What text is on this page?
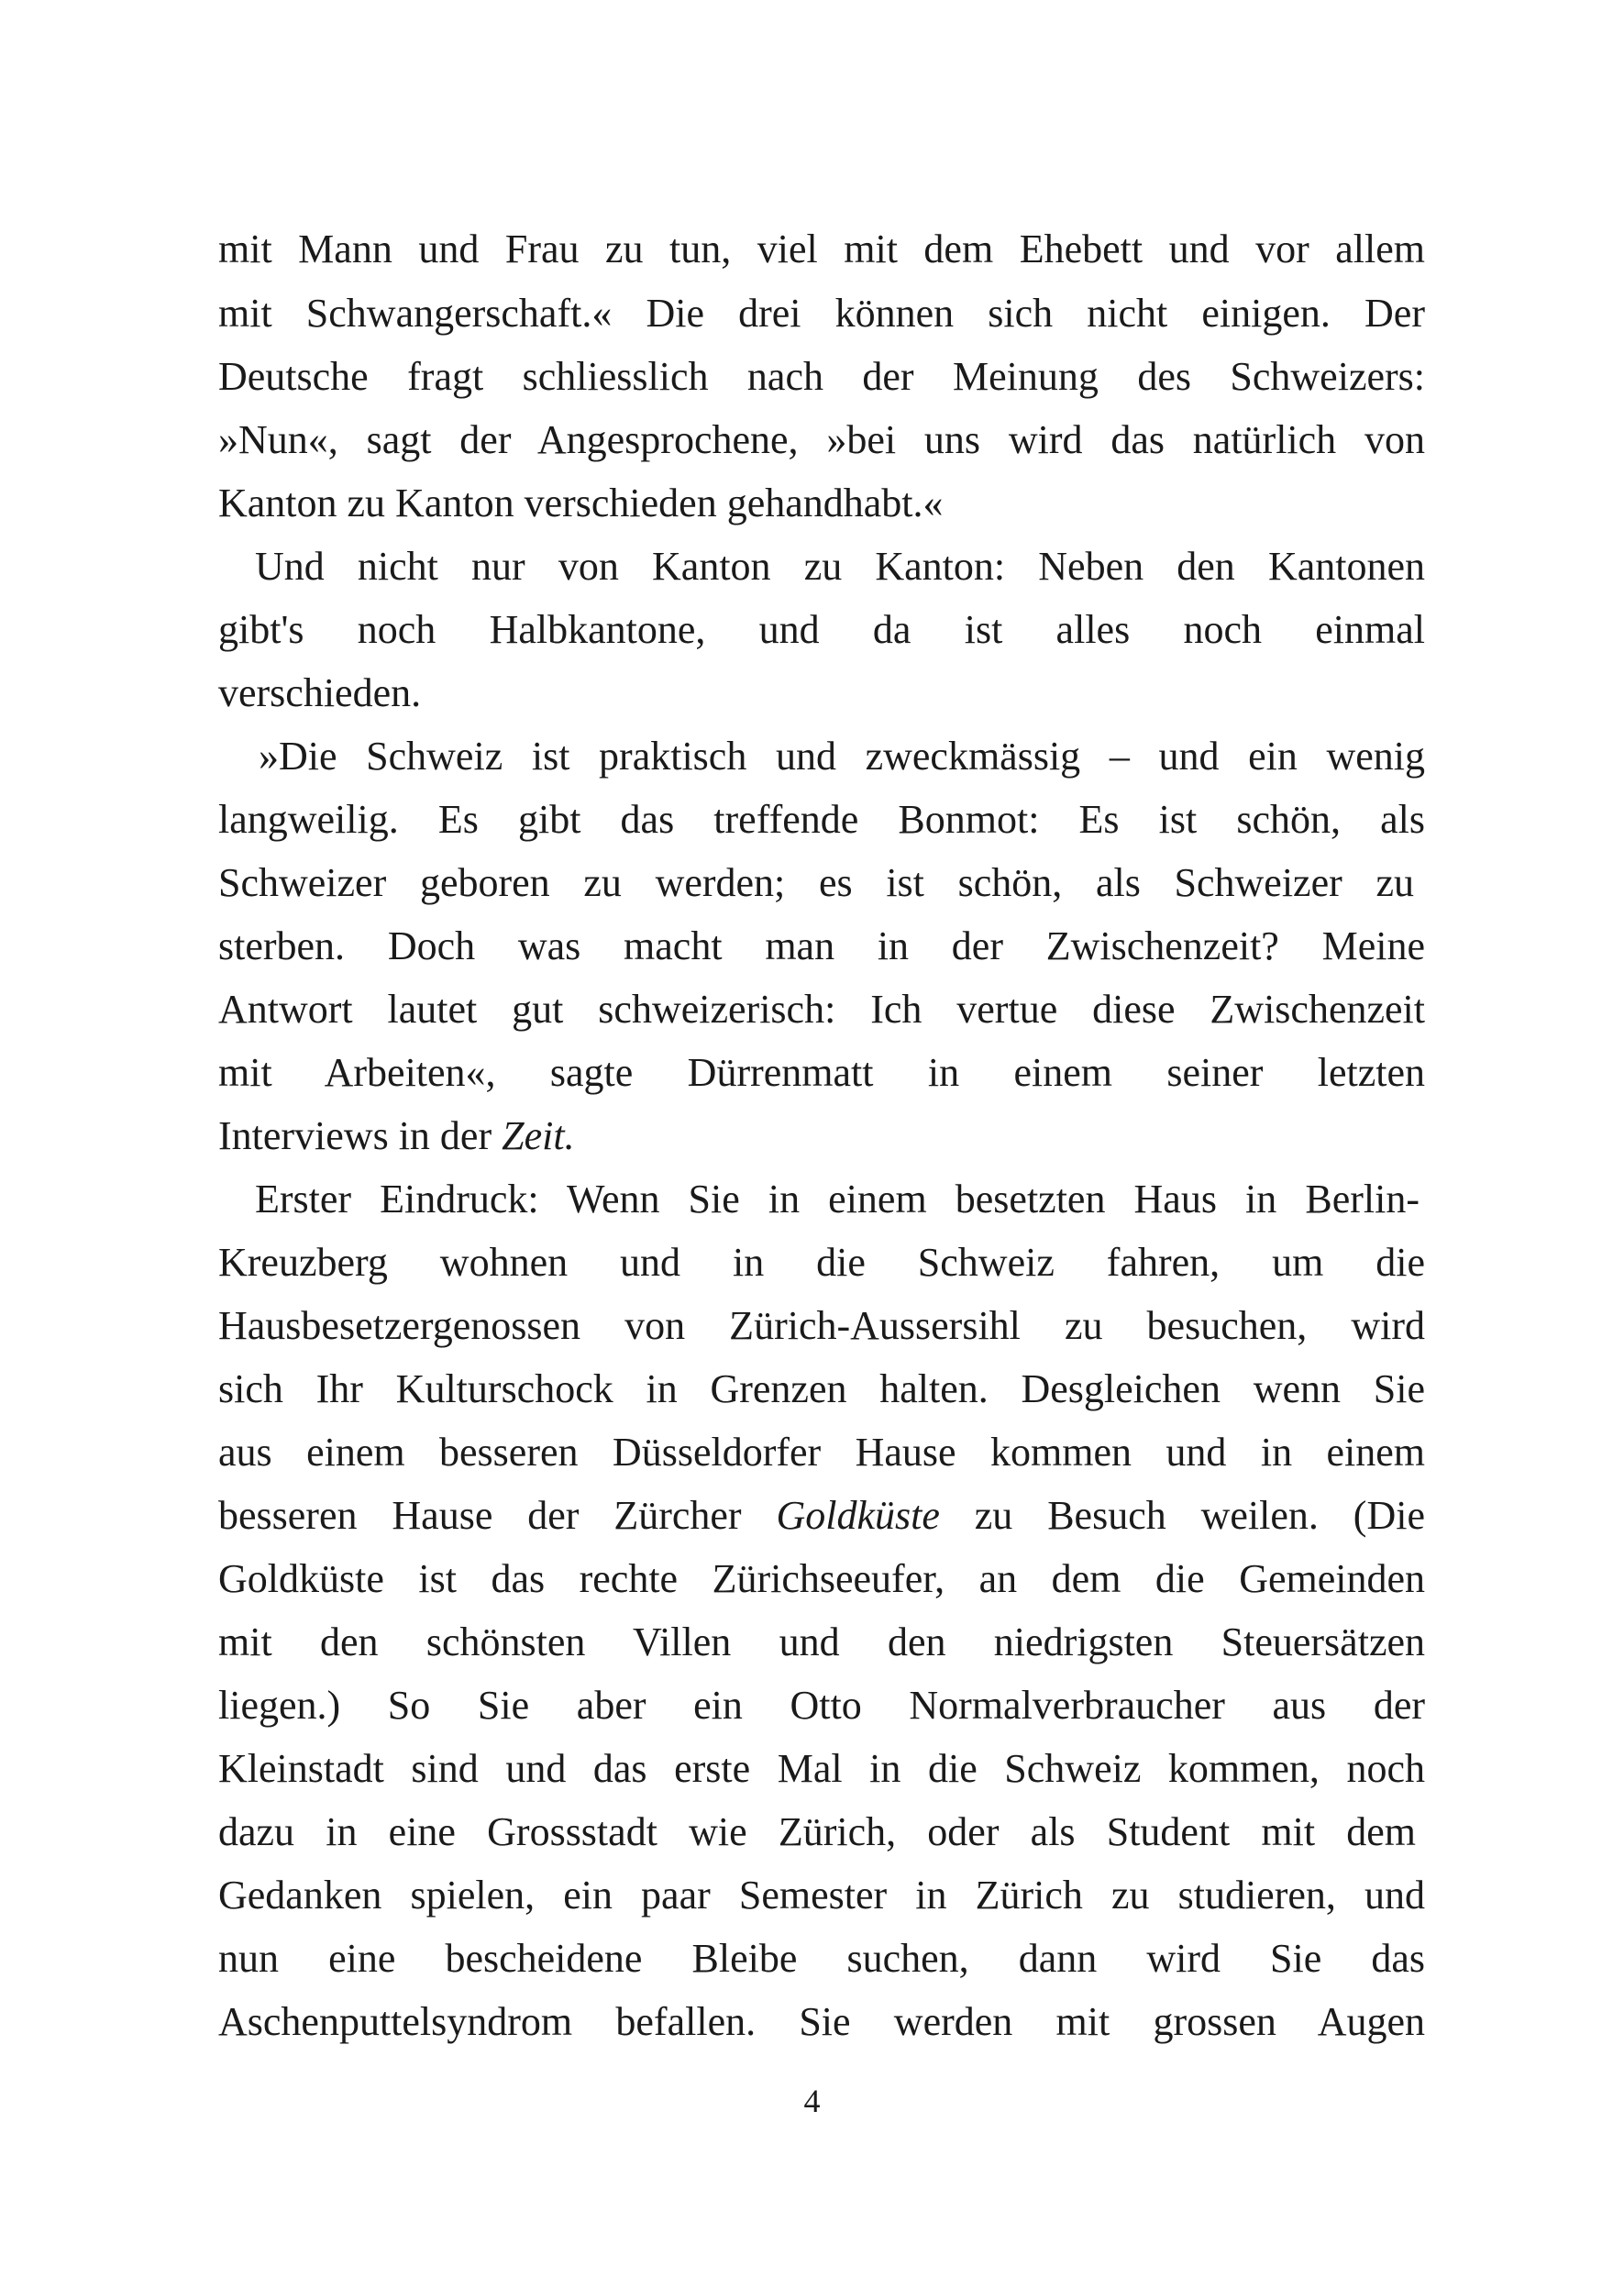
mit Mann und Frau zu tun, viel mit dem Ehebett und vor allem
mit Schwangerschaft.« Die drei können sich nicht einigen. Der
Deutsche fragt schliesslich nach der Meinung des Schweizers:
»Nun«, sagt der Angesprochene, »bei uns wird das natürlich von
Kanton zu Kanton verschieden gehandhabt.«
Und nicht nur von Kanton zu Kanton: Neben den Kantonen
gibt's noch Halbkantone, und da ist alles noch einmal
verschieden.
»Die Schweiz ist praktisch und zweckmässig – und ein wenig
langweilig. Es gibt das treffende Bonmot: Es ist schön, als
Schweizer geboren zu werden; es ist schön, als Schweizer zu
sterben. Doch was macht man in der Zwischenzeit? Meine
Antwort lautet gut schweizerisch: Ich vertue diese Zwischenzeit
mit Arbeiten«, sagte Dürrenmatt in einem seiner letzten
Interviews in der Zeit.
Erster Eindruck: Wenn Sie in einem besetzten Haus in Berlin-
Kreuzberg wohnen und in die Schweiz fahren, um die
Hausbesetzergenossen von Zürich-Aussersihl zu besuchen, wird
sich Ihr Kulturschock in Grenzen halten. Desgleichen wenn Sie
aus einem besseren Düsseldorfer Hause kommen und in einem
besseren Hause der Zürcher Goldküste zu Besuch weilen. (Die
Goldküste ist das rechte Zürichseeufer, an dem die Gemeinden
mit den schönsten Villen und den niedrigsten Steuersätzen
liegen.) So Sie aber ein Otto Normalverbraucher aus der
Kleinstadt sind und das erste Mal in die Schweiz kommen, noch
dazu in eine Grossstadt wie Zürich, oder als Student mit dem
Gedanken spielen, ein paar Semester in Zürich zu studieren, und
nun eine bescheidene Bleibe suchen, dann wird Sie das
Aschenputtelsyndrom befallen. Sie werden mit grossen Augen
4
